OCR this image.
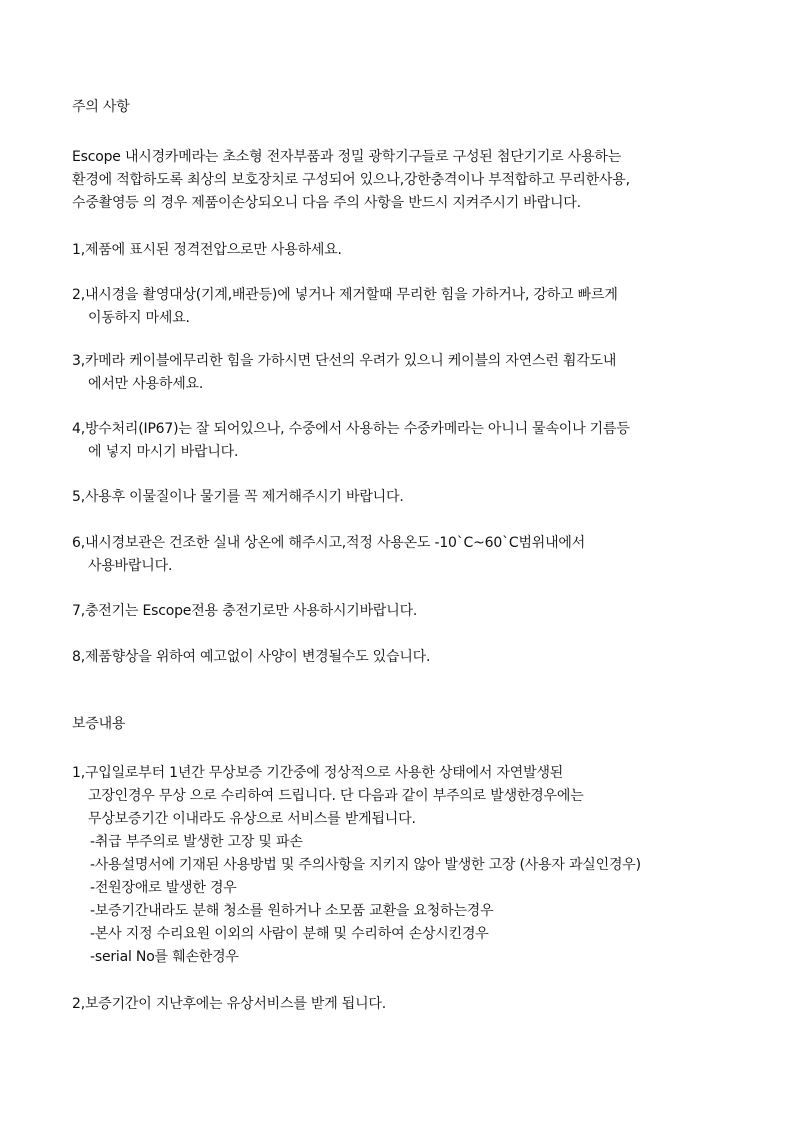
주의 사항
Escope 내시경카메라는 초소형 전자부품과 정밀 광학기구들로 구성된 첨단기기로 사용하는
환경에 적합하도록 최상의 보호장치로 구성되어 있으나,강한충격이나 부적합하고 무리한사용,
수중촬영등 의 경우 제품이손상되오니 다음 주의 사항을 반드시 지켜주시기 바랍니다.
1,제품에 표시된 정격전압으로만 사용하세요.
2,내시경을 촬영대상(기계,배관등)에 넣거나 제거할때 무리한 힘을 가하거나, 강하고 빠르게
이동하지 마세요.
3,카메라 케이블에무리한 힘을 가하시면 단선의 우려가 있으니 케이블의 자연스런 휨각도내
에서만 사용하세요.
4,방수처리(IP67)는 잘 되어있으나, 수중에서 사용하는 수중카메라는 아니니 물속이나 기름등
에 넣지 마시기 바랍니다.
5,사용후 이물질이나 물기를 꼭 제거해주시기 바랍니다.
6,내시경보관은 건조한 실내 상온에 해주시고,적정 사용온도 -10`C~60`C범위내에서
사용바랍니다.
7,충전기는 Escope전용 충전기로만 사용하시기바랍니다.
8,제품향상을 위하여 예고없이 사양이 변경될수도 있습니다.
보증내용
1,구입일로부터 1년간 무상보증 기간중에 정상적으로 사용한 상태에서 자연발생된
고장인경우 무상 으로 수리하여 드립니다. 단 다음과 같이 부주의로 발생한경우에는
무상보증기간 이내라도 유상으로 서비스를 받게됩니다.
-취급 부주의로 발생한 고장 및 파손
-사용설명서에 기재된 사용방법 및 주의사항을 지키지 않아 발생한 고장 (사용자 과실인경우)
-전원장애로 발생한 경우
-보증기간내라도 분해 청소를 원하거나 소모품 교환을 요청하는경우
-본사 지정 수리요원 이외의 사람이 분해 및 수리하여 손상시킨경우
-serial No를 훼손한경우
2,보증기간이 지난후에는 유상서비스를 받게 됩니다.
